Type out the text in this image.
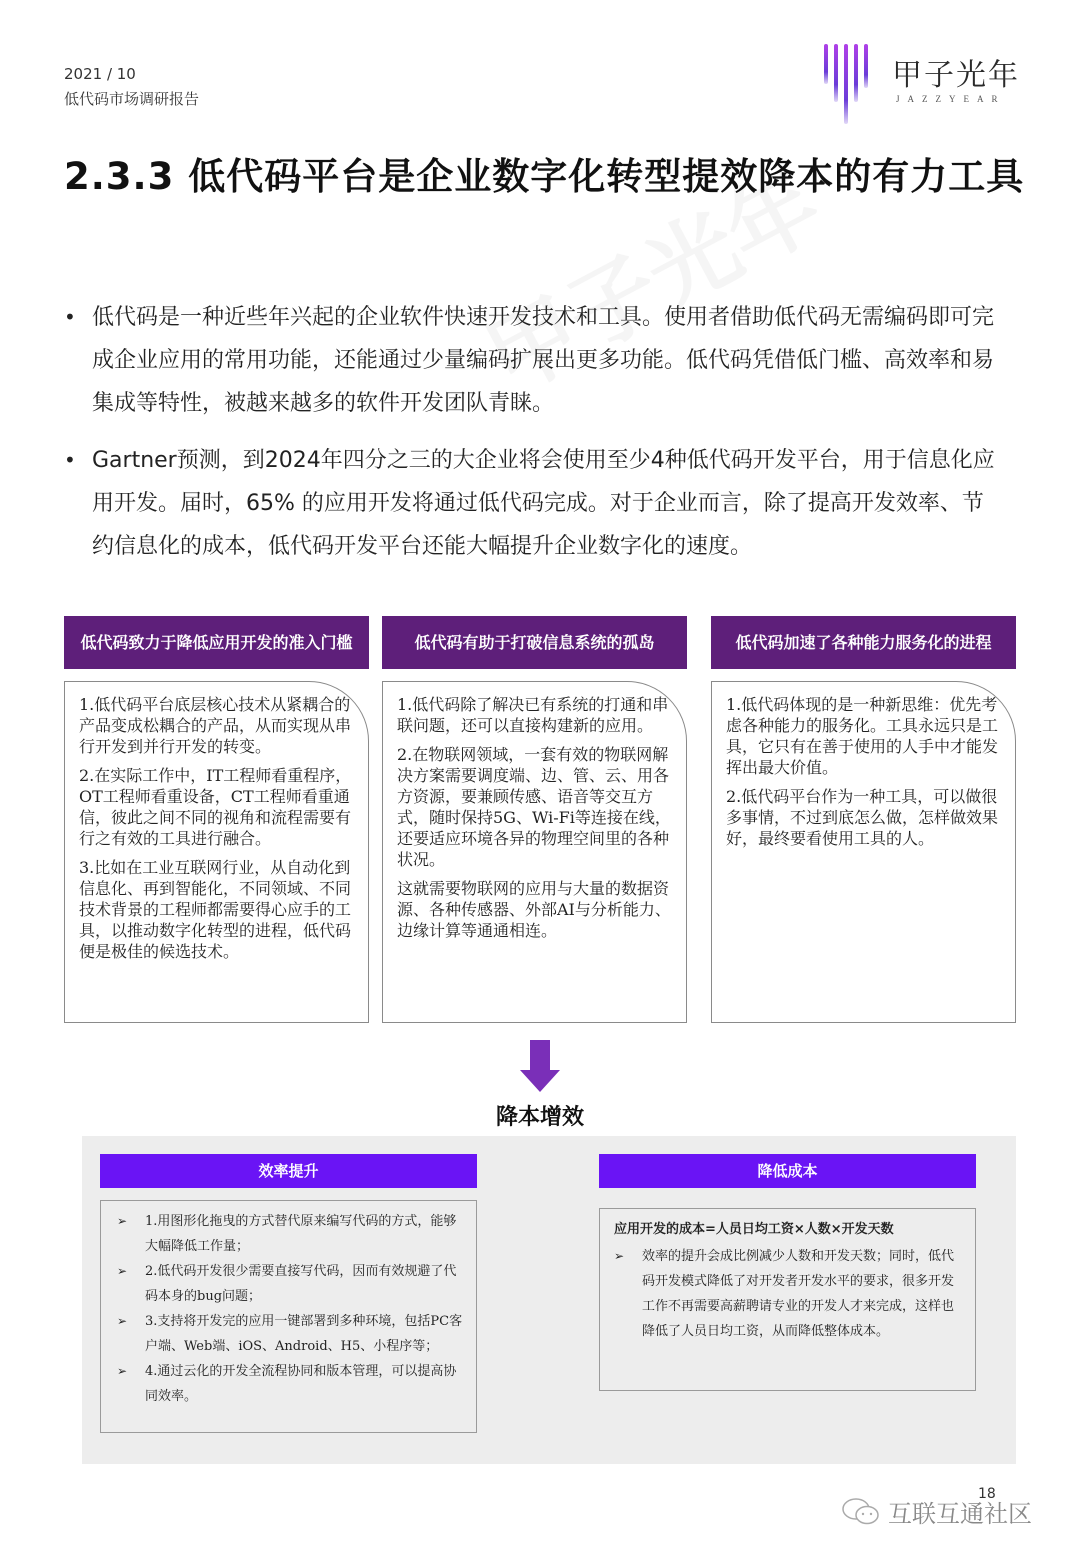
2021 / 10
低代码市场调研报告
甲子光年
JAZZYEAR
2.3.3 低代码平台是企业数字化转型提效降本的有力工具
• 低代码是一种近些年兴起的企业软件快速开发技术和工具。使用者借助低代码无需编码即可完成企业应用的常用功能，还能通过少量编码扩展出更多功能。低代码凭借低门槛、高效率和易集成等特性，被越来越多的软件开发团队青睐。
• Gartner预测，到2024年四分之三的大企业将会使用至少4种低代码开发平台，用于信息化应用开发。届时，65% 的应用开发将通过低代码完成。对于企业而言，除了提高开发效率、节约信息化的成本，低代码开发平台还能大幅提升企业数字化的速度。
低代码致力于降低应用开发的准入门槛

1.低代码平台底层核心技术从紧耦合的产品变成松耦合的产品，从而实现从串行开发到并行开发的转变。

2.在实际工作中，IT工程师看重程序，OT工程师看重设备，CT工程师看重通信，彼此之间不同的视角和流程需要有行之有效的工具进行融合。

3.比如在工业互联网行业，从自动化到信息化、再到智能化，不同领域、不同技术背景的工程师都需要得心应手的工具，以推动数字化转型的进程，低代码便是极佳的候选技术。

低代码有助于打破信息系统的孤岛

1.低代码除了解决已有系统的打通和串联问题，还可以直接构建新的应用。

2.在物联网领域，一套有效的物联网解决方案需要调度端、边、管、云、用各方资源，要兼顾传感、语音等交互方式，随时保持5G、Wi-Fi等连接在线，还要适应环境各异的物理空间里的各种状况。

这就需要物联网的应用与大量的数据资源、各种传感器、外部AI与分析能力、边缘计算等通通相连。

低代码加速了各种能力服务化的进程

1.低代码体现的是一种新思维：优先考虑各种能力的服务化。工具永远只是工具，它只有在善于使用的人手中才能发挥出最大价值。

2.低代码平台作为一种工具，可以做很多事情，不过到底怎么做，怎样做效果好，最终要看使用工具的人。

降本增效
效率提升
➢ 1.用图形化拖曳的方式替代原来编写代码的方式，能够大幅降低工作量；
➢ 2.低代码开发很少需要直接写代码，因而有效规避了代码本身的bug问题；
➢ 3.支持将开发完的应用一键部署到多种环境，包括PC客户端、Web端、iOS、Android、H5、小程序等；
➢ 4.通过云化的开发全流程协同和版本管理，可以提高协同效率。
降低成本
应用开发的成本=人员日均工资×人数×开发天数
➢ 效率的提升会成比例减少人数和开发天数；同时，低代码开发模式降低了对开发者开发水平的要求，很多开发工作不再需要高薪聘请专业的开发人才来完成，这样也降低了人员日均工资，从而降低整体成本。
18
互联互通社区
